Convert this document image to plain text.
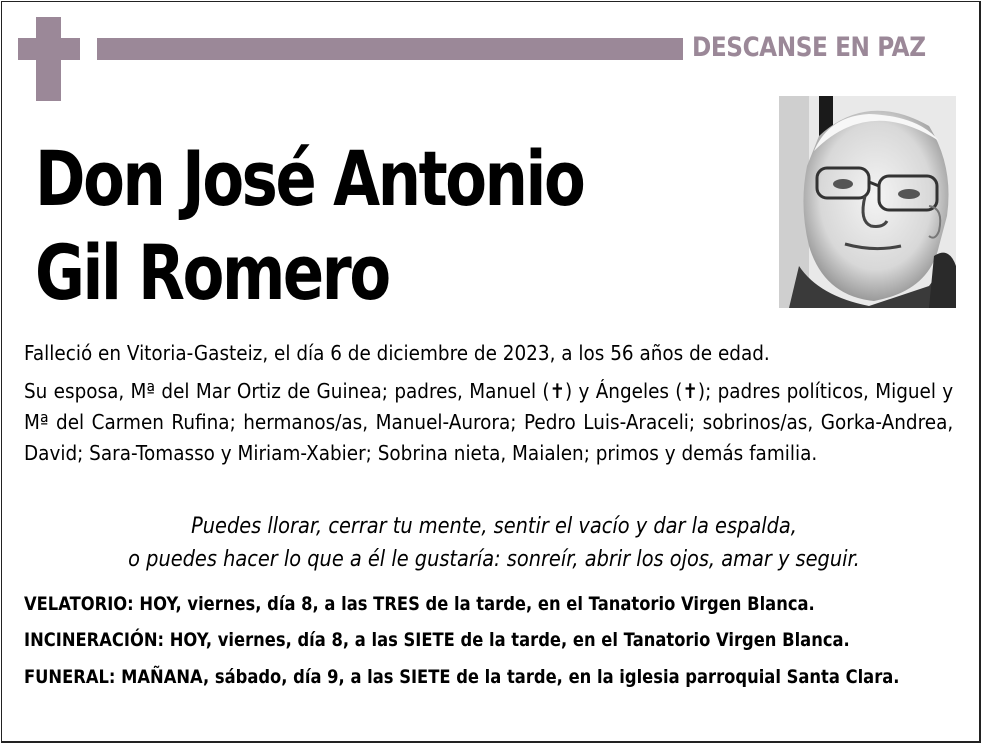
DESCANSE EN PAZ
Don José Antonio
Gil Romero
Falleció en Vitoria-Gasteiz, el día 6 de diciembre de 2023, a los 56 años de edad.
Su esposa, Mª del Mar Ortiz de Guinea; padres, Manuel (✝) y Ángeles (✝); padres políticos, Miguel y Mª del Carmen Rufina; hermanos/as, Manuel-Aurora; Pedro Luis-Araceli; sobrinos/as, Gorka-Andrea, David; Sara-Tomasso y Miriam-Xabier; Sobrina nieta, Maialen; primos y demás familia.
Puedes llorar, cerrar tu mente, sentir el vacío y dar la espalda,
o puedes hacer lo que a él le gustaría: sonreír, abrir los ojos, amar y seguir.
VELATORIO: HOY, viernes, día 8, a las TRES de la tarde, en el Tanatorio Virgen Blanca.
INCINERACIÓN: HOY, viernes, día 8, a las SIETE de la tarde, en el Tanatorio Virgen Blanca.
FUNERAL: MAÑANA, sábado, día 9, a las SIETE de la tarde, en la iglesia parroquial Santa Clara.
